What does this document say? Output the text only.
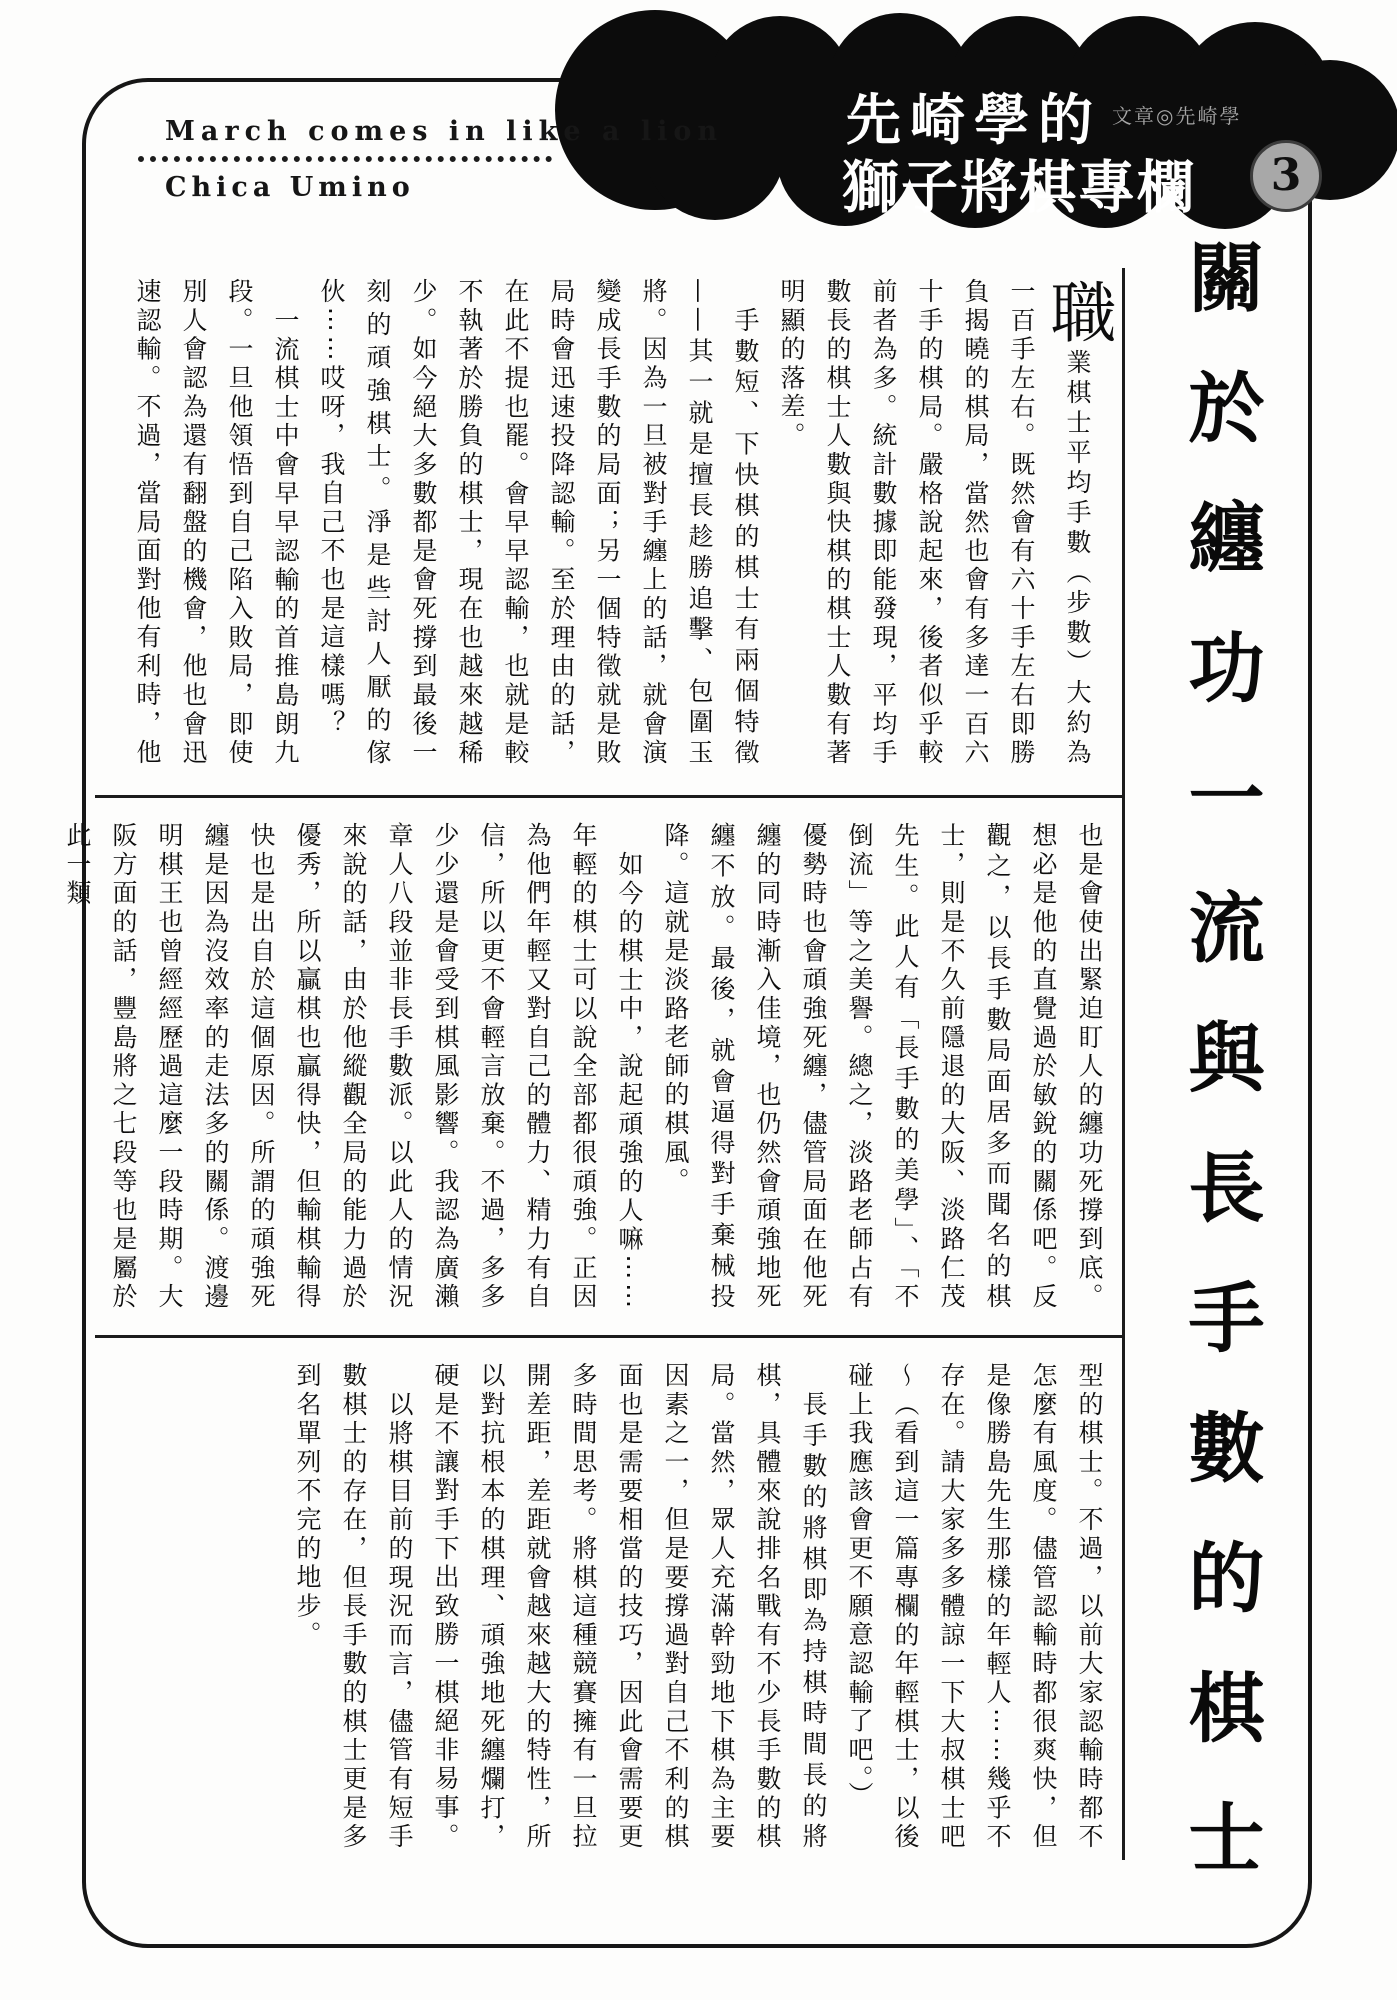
March comes in like a lion
Chica Umino
先崎學的
獅子將棋專欄
文章◎先崎學
3
關於纏功一流與長手數的棋士

職業棋士平均手數（步數）大約為一百手左右。既然會有六十手左右即勝負揭曉的棋局，當然也會有多達一百六十手的棋局。嚴格說起來，後者似乎較前者為多。統計數據即能發現，平均手數長的棋士人數與快棋的棋士人數有著明顯的落差。

手數短、下快棋的棋士有兩個特徵——其一就是擅長趁勝追擊、包圍玉將。因為一旦被對手纏上的話，就會演變成長手數的局面；另一個特徵就是敗局時會迅速投降認輸。至於理由的話，在此不提也罷。會早早認輸，也就是較不執著於勝負的棋士，現在也越來越稀少。如今絕大多數都是會死撐到最後一刻的頑強棋士。淨是些討人厭的傢伙⋯⋯哎呀，我自己不也是這樣嗎？

一流棋士中會早早認輸的首推島朗九段。一旦他領悟到自己陷入敗局，即使別人會認為還有翻盤的機會，他也會迅速認輸。不過，當局面對他有利時，他

也是會使出緊迫盯人的纏功死撐到底。想必是他的直覺過於敏銳的關係吧。反觀之，以長手數局面居多而聞名的棋士，則是不久前隱退的大阪、淡路仁茂先生。此人有「長手數的美學」、「不倒流」等之美譽。總之，淡路老師占有優勢時也會頑強死纏，儘管局面在他死纏的同時漸入佳境，也仍然會頑強地死纏不放。最後，就會逼得對手棄械投降。這就是淡路老師的棋風。

如今的棋士中，說起頑強的人嘛⋯⋯年輕的棋士可以說全部都很頑強。正因為他們年輕又對自己的體力、精力有自信，所以更不會輕言放棄。不過，多多少少還是會受到棋風影響。我認為廣瀨章人八段並非長手數派。以此人的情況來說的話，由於他縱觀全局的能力過於優秀，所以贏棋也贏得快，但輸棋輸得快也是出自於這個原因。所謂的頑強死纏是因為沒效率的走法多的關係。渡邊明棋王也曾經經歷過這麼一段時期。大阪方面的話，豐島將之七段等也是屬於此一類

型的棋士。不過，以前大家認輸時都不怎麼有風度。儘管認輸時都很爽快，但是像勝島先生那樣的年輕人⋯⋯幾乎不存在。請大家多多體諒一下大叔棋士吧～（看到這一篇專欄的年輕棋士，以後碰上我應該會更不願意認輸了吧。）

長手數的將棋即為持棋時間長的將棋，具體來說排名戰有不少長手數的棋局。當然，眾人充滿幹勁地下棋為主要因素之一，但是要撐過對自己不利的棋面也是需要相當的技巧，因此會需要更多時間思考。將棋這種競賽擁有一旦拉開差距，差距就會越來越大的特性，所以對抗根本的棋理、頑強地死纏爛打，硬是不讓對手下出致勝一棋絕非易事。

以將棋目前的現況而言，儘管有短手數棋士的存在，但長手數的棋士更是多到名單列不完的地步。
